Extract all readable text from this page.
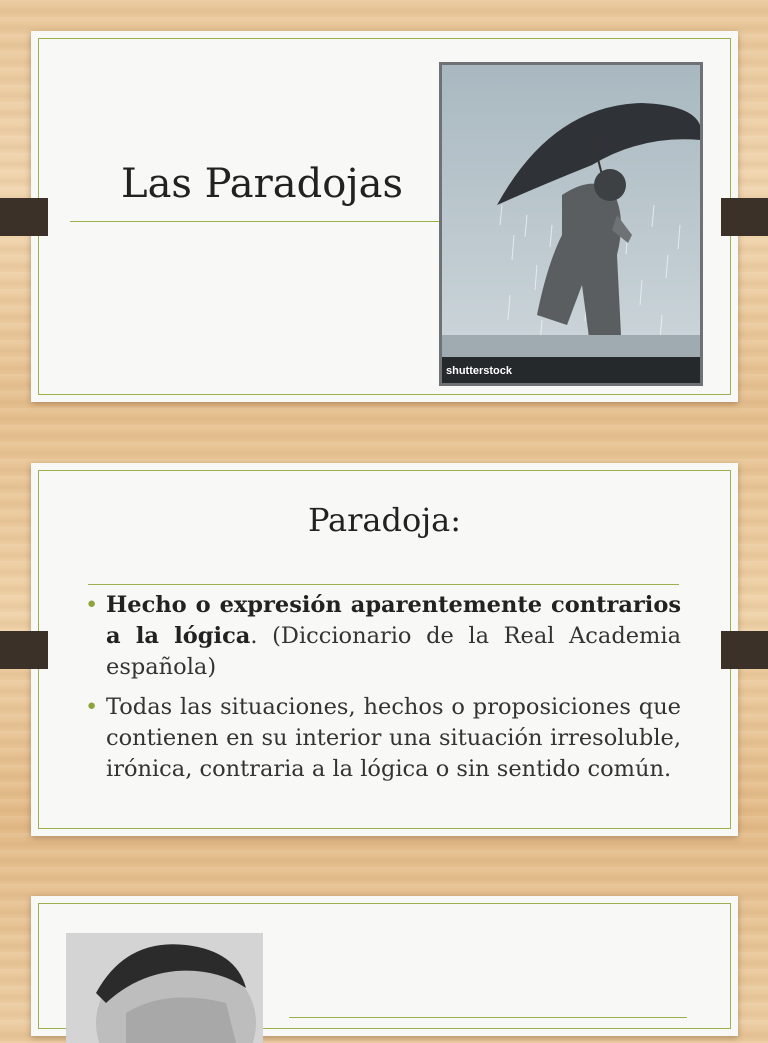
Las Paradojas
shutterstock
Paradoja:
• Hecho o expresión aparentemente contrarios a la lógica. (Diccionario de la Real Academia española)
• Todas las situaciones, hechos o proposiciones que contienen en su interior una situación irresoluble, irónica, contraria a la lógica o sin sentido común.
